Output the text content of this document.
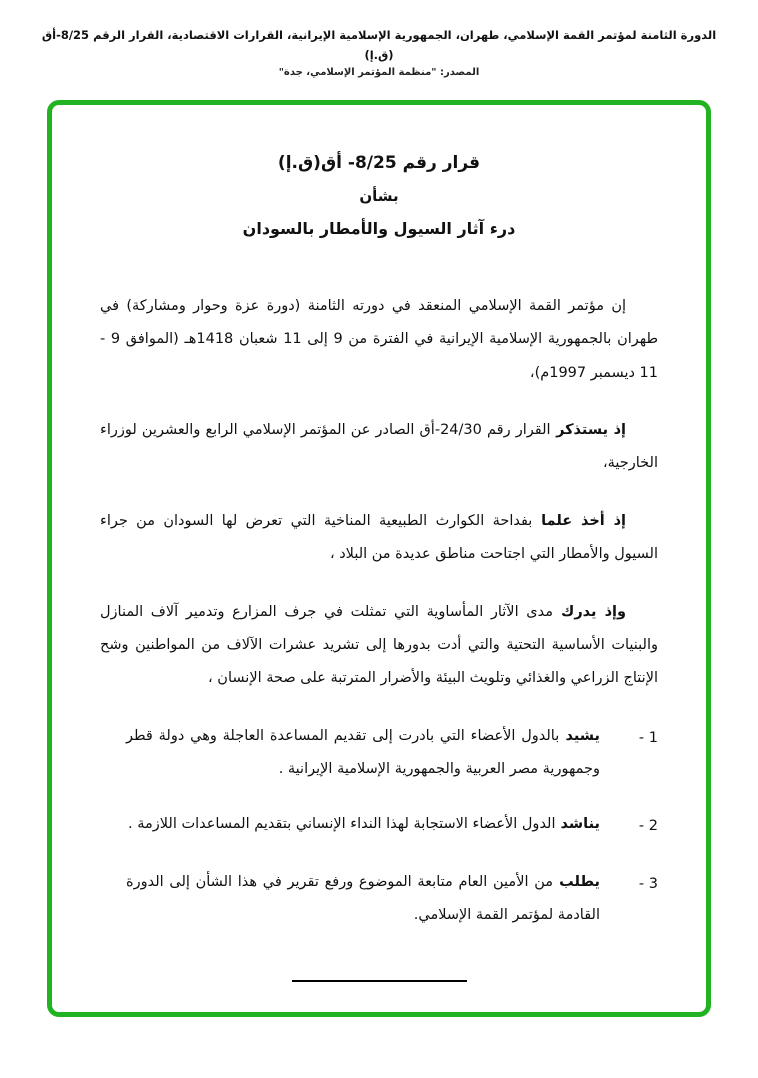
الدورة الثامنة لمؤتمر القمة الإسلامي، طهران، الجمهورية الإسلامية الإيرانية، القرارات الاقتصادية، القرار الرقم 8/25-أق (ق.إ)
المصدر: "منظمة المؤتمر الإسلامي، جدة"
قرار رقم 8/25- أق(ق.إ)
بشأن
درء آثار السيول والأمطار بالسودان

إن مؤتمر القمة الإسلامي المنعقد في دورته الثامنة (دورة عزة وحوار ومشاركة) في طهران بالجمهورية الإسلامية الإيرانية في الفترة من 9 إلى 11 شعبان 1418هـ (الموافق 9 - 11 ديسمبر 1997م)،

إذ يستذكر القرار رقم 24/30-أق الصادر عن المؤتمر الإسلامي الرابع والعشرين لوزراء الخارجية،

إذ أخذ علما بفداحة الكوارث الطبيعية المناخية التي تعرض لها السودان من جراء السيول والأمطار التي اجتاحت مناطق عديدة من البلاد ،

وإذ يدرك مدى الآثار المأساوية التي تمثلت في جرف المزارع وتدمير آلاف المنازل والبنيات الأساسية التحتية والتي أدت بدورها إلى تشريد عشرات الآلاف من المواطنين وشح الإنتاج الزراعي والغذائي وتلويث البيئة والأضرار المترتبة على صحة الإنسان ،

1 -
يشيد بالدول الأعضاء التي بادرت إلى تقديم المساعدة العاجلة وهي دولة قطر وجمهورية مصر العربية والجمهورية الإسلامية الإيرانية .
2 -
يناشد الدول الأعضاء الاستجابة لهذا النداء الإنساني بتقديم المساعدات اللازمة .
3 -
يطلب من الأمين العام متابعة الموضوع ورفع تقرير في هذا الشأن إلى الدورة القادمة لمؤتمر القمة الإسلامي.
